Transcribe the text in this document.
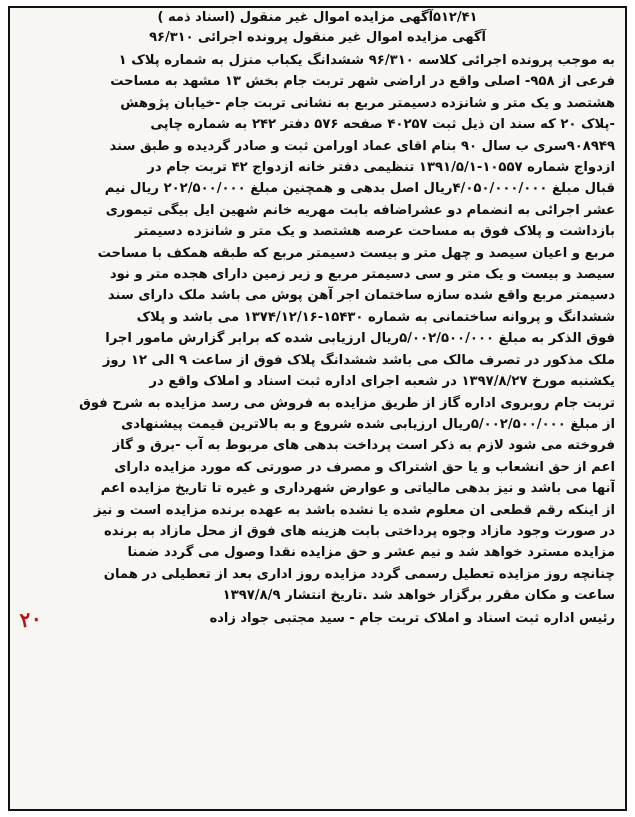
۵۱۲/۴۱آگهی مزایده اموال غیر منقول (اسناد ذمه )
آگهی مزایده اموال غیر منقول پرونده اجرائی ۹۶/۳۱۰
به موجب پرونده اجرائی کلاسه ۹۶/۳۱۰ ششدانگ یکباب منزل به شماره پلاک ۱
فرعی از ۹۵۸- اصلی واقع در اراضی شهر تربت جام بخش ۱۳ مشهد به مساحت
هشتصد و یک متر و شانزده دسیمتر مربع به نشانی تربت جام -خیابان پژوهش
-پلاک ۲۰ که سند ان ذیل ثبت ۴۰۲۵۷ صفحه ۵۷۶ دفتر ۲۴۲ به شماره چاپی
۹۰۸۹۴۹سری ب سال ۹۰ بنام اقای عماد اورامن ثبت و صادر گردیده و طبق سند
ازدواج شماره ۱۰۵۵۷-۱۳۹۱/۵/۱ تنظیمی دفتر خانه ازدواج ۴۲ تربت جام در
قبال مبلغ ۴/۰۵۰/۰۰۰/۰۰۰ریال اصل بدهی و همچنین مبلغ ۲۰۲/۵۰۰/۰۰۰ ریال نیم
عشر اجرائی به انضمام دو عشراضافه بابت مهریه خانم شهین ایل بیگی تیموری
بازداشت و پلاک فوق به مساحت عرصه هشتصد و یک متر و شانزده دسیمتر
مربع و اعیان سیصد و چهل متر و بیست دسیمتر مربع که طبقه همکف با مساحت
سیصد و بیست و یک متر و سی دسیمتر مربع و زیر زمین دارای هجده متر و نود
دسیمتر مربع واقع شده سازه ساختمان اجر آهن پوش می باشد ملک دارای سند
ششدانگ و پروانه ساختمانی به شماره ۱۵۴۳۰-۱۳۷۴/۱۲/۱۶ می باشد و پلاک
فوق الذکر به مبلغ ۵/۰۰۲/۵۰۰/۰۰۰ریال ارزیابی شده که برابر گزارش مامور اجرا
ملک مذکور در تصرف مالک می باشد ششدانگ پلاک فوق از ساعت ۹ الی ۱۲ روز
یکشنبه مورخ ۱۳۹۷/۸/۲۷ در شعبه اجرای اداره ثبت اسناد و املاک واقع در
تربت جام روبروی اداره گاز از طریق مزایده به فروش می رسد مزایده به شرح فوق
از مبلغ ۵/۰۰۲/۵۰۰/۰۰۰ریال ارزیابی شده شروع و به بالاترین قیمت پیشنهادی
فروخته می شود لازم به ذکر است پرداخت بدهی های مربوط به آب -برق و گاز
اعم از حق انشعاب و یا حق اشتراک و مصرف در صورتی که مورد مزایده دارای
آنها می باشد و نیز بدهی مالیاتی و عوارض شهرداری و غیره تا تاریخ مزایده اعم
از اینکه رقم قطعی ان معلوم شده یا نشده باشد به عهده برنده مزایده است و نیز
در صورت وجود مازاد وجوه پرداختی بابت هزینه های فوق از محل مازاد به برنده
مزایده مسترد خواهد شد و نیم عشر و حق مزایده نقدا وصول می گردد ضمنا
چنانچه روز مزایده تعطیل رسمی گردد مزایده روز اداری بعد از تعطیلی در همان
ساعت و مکان مقرر برگزار خواهد شد .تاریخ انتشار ۱۳۹۷/۸/۹
رئیس اداره ثبت اسناد و املاک تربت جام - سید مجتبی جواد زاده
۲۰
